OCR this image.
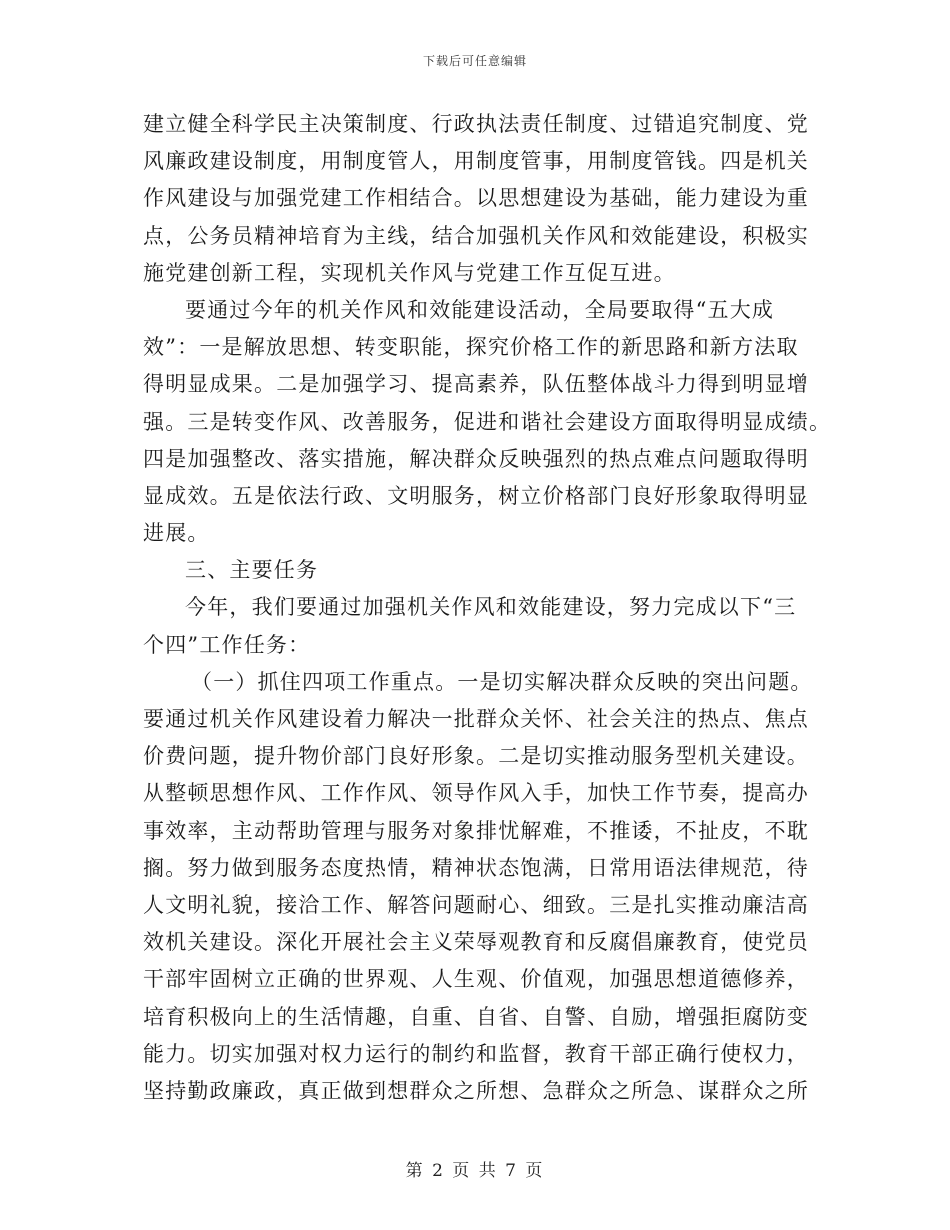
下载后可任意编辑
建立健全科学民主决策制度、行政执法责任制度、过错追究制度、党
风廉政建设制度，用制度管人，用制度管事，用制度管钱。四是机关
作风建设与加强党建工作相结合。以思想建设为基础，能力建设为重
点，公务员精神培育为主线，结合加强机关作风和效能建设，积极实
施党建创新工程，实现机关作风与党建工作互促互进。
要通过今年的机关作风和效能建设活动，全局要取得“五大成
效”：一是解放思想、转变职能，探究价格工作的新思路和新方法取
得明显成果。二是加强学习、提高素养，队伍整体战斗力得到明显增
强。三是转变作风、改善服务，促进和谐社会建设方面取得明显成绩。
四是加强整改、落实措施，解决群众反映强烈的热点难点问题取得明
显成效。五是依法行政、文明服务，树立价格部门良好形象取得明显
进展。
三、主要任务
今年，我们要通过加强机关作风和效能建设，努力完成以下“三
个四”工作任务：
（一）抓住四项工作重点。一是切实解决群众反映的突出问题。
要通过机关作风建设着力解决一批群众关怀、社会关注的热点、焦点
价费问题，提升物价部门良好形象。二是切实推动服务型机关建设。
从整顿思想作风、工作作风、领导作风入手，加快工作节奏，提高办
事效率，主动帮助管理与服务对象排忧解难，不推诿，不扯皮，不耽
搁。努力做到服务态度热情，精神状态饱满，日常用语法律规范，待
人文明礼貌，接洽工作、解答问题耐心、细致。三是扎实推动廉洁高
效机关建设。深化开展社会主义荣辱观教育和反腐倡廉教育，使党员
干部牢固树立正确的世界观、人生观、价值观，加强思想道德修养，
培育积极向上的生活情趣，自重、自省、自警、自励，增强拒腐防变
能力。切实加强对权力运行的制约和监督，教育干部正确行使权力，
坚持勤政廉政，真正做到想群众之所想、急群众之所急、谋群众之所
第 2 页 共 7 页
